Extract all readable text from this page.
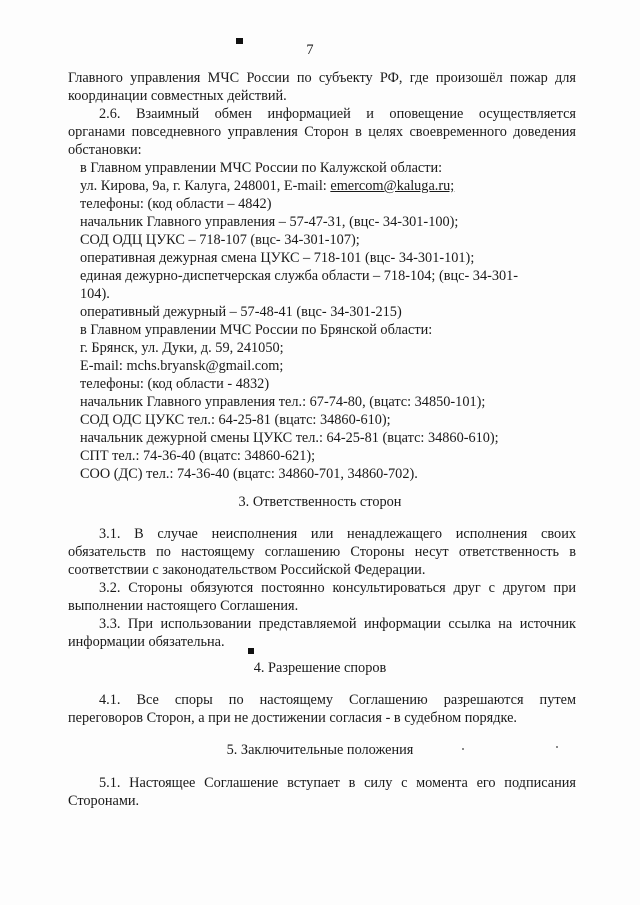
7
Главного управления МЧС России по субъекту РФ, где произошёл пожар для
координации совместных действий.
2.6. Взаимный обмен информацией и оповещение осуществляется
органами повседневного управления Сторон в целях своевременного доведения
обстановки:
в Главном управлении МЧС России по Калужской области:
ул. Кирова, 9а, г. Калуга, 248001, E-mail: emercom@kaluga.ru;
телефоны: (код области – 4842)
начальник Главного управления – 57-47-31, (вцс- 34-301-100);
СОД ОДЦ ЦУКС – 718-107 (вцс- 34-301-107);
оперативная дежурная смена ЦУКС – 718-101 (вцс- 34-301-101);
единая дежурно-диспетчерская служба области – 718-104; (вцс- 34-301-
104).
оперативный дежурный – 57-48-41 (вцс- 34-301-215)
в Главном управлении МЧС России по Брянской области:
г. Брянск, ул. Дуки, д. 59, 241050;
E-mail: mchs.bryansk@gmail.com;
телефоны: (код области - 4832)
начальник Главного управления тел.: 67-74-80, (вцатс: 34850-101);
СОД ОДС ЦУКС тел.: 64-25-81 (вцатс: 34860-610);
начальник дежурной смены ЦУКС тел.: 64-25-81 (вцатс: 34860-610);
СПТ тел.: 74-36-40 (вцатс: 34860-621);
СОО (ДС) тел.: 74-36-40 (вцатс: 34860-701, 34860-702).
3. Ответственность сторон
3.1. В случае неисполнения или ненадлежащего исполнения своих
обязательств по настоящему соглашению Стороны несут ответственность в
соответствии с законодательством Российской Федерации.
3.2. Стороны обязуются постоянно консультироваться друг с другом при
выполнении настоящего Соглашения.
3.3. При использовании представляемой информации ссылка на источник
информации обязательна.
4. Разрешение споров
4.1. Все споры по настоящему Соглашению разрешаются путем
переговоров Сторон, а при не достижении согласия - в судебном порядке.
5. Заключительные положения
5.1. Настоящее Соглашение вступает в силу с момента его подписания
Сторонами.
